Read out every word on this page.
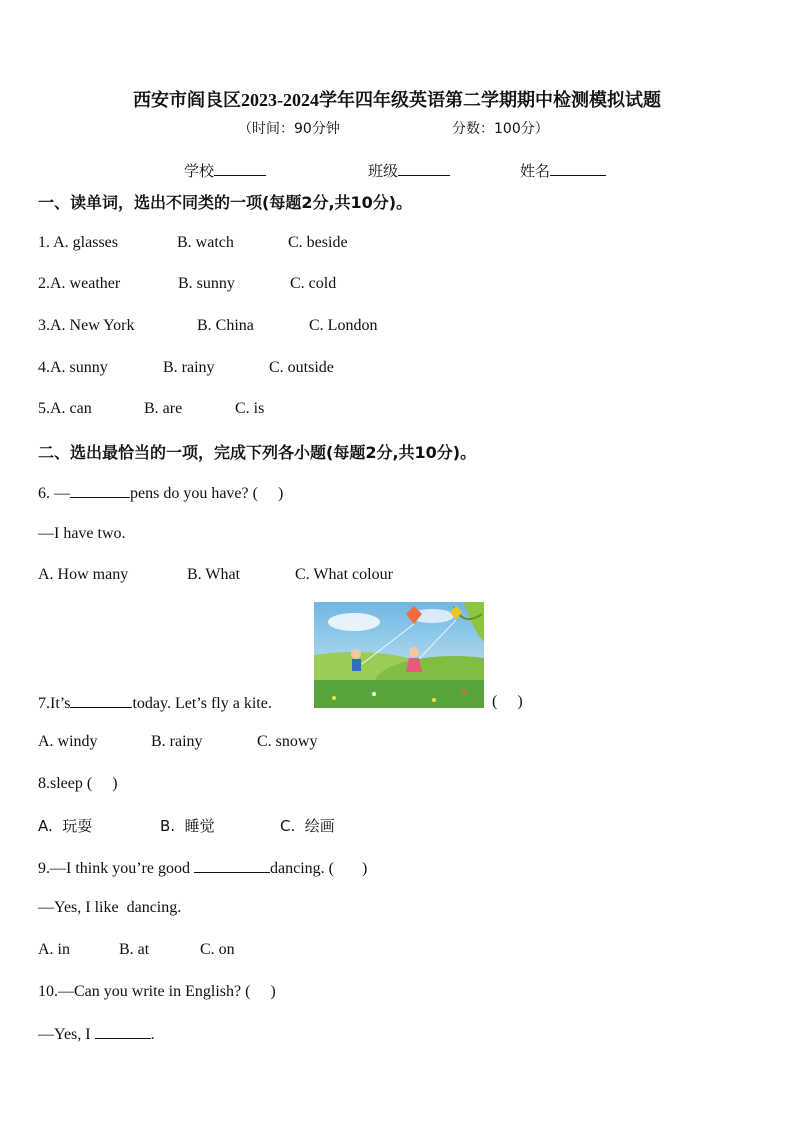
西安市阎良区2023-2024学年四年级英语第二学期期中检测模拟试题
（时间：90分钟	分数：100分）
学校	班级	姓名
一、读单词，选出不同类的一项(每题2分,共10分)。
1. A. glasses	B. watch	C. beside
2.A. weather	B. sunny	C. cold
3.A. New York	B. China	C. London
4.A. sunny	B. rainy	C. outside
5.A. can	B. are	C. is
二、选出最恰当的一项，完成下列各小题(每题2分,共10分)。
6. —	pens do you have? (     )
—I have two.
A. How many	B. What	C. What colour
7.It’s	today. Let’s fly a kite.	(     )
A. windy	B. rainy	C. snowy
8.sleep (     )
A.  玩耍	B.  睡觉	C.  绘画
9.—I think you’re good	dancing. (       )
—Yes, I like  dancing.
A. in	B. at	C. on
10.—Can you write in English? (     )
—Yes, I	.
